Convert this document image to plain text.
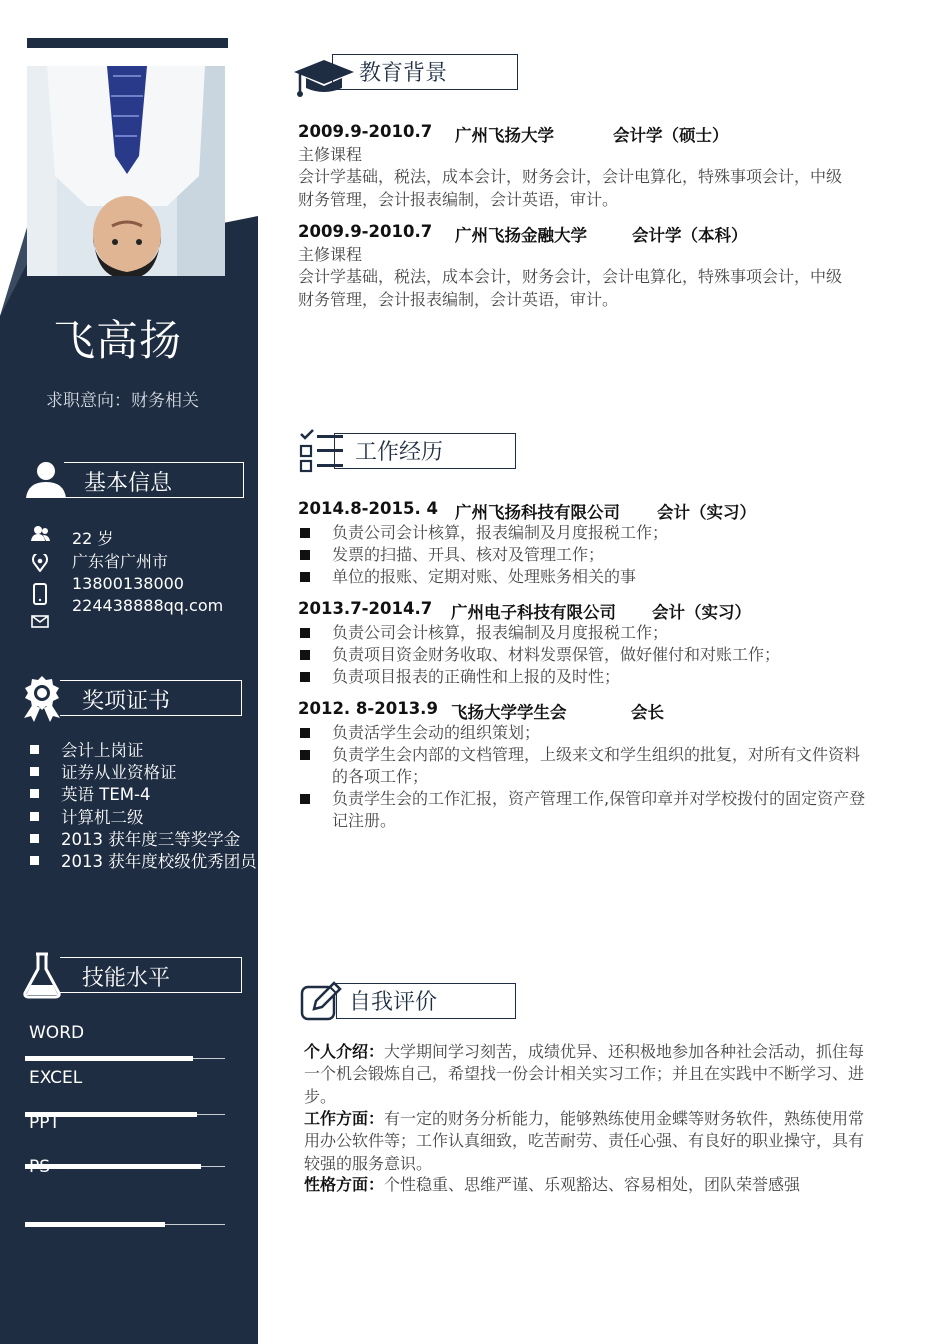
飞高扬
求职意向：财务相关
基本信息
22 岁
广东省广州市
13800138000
224438888qq.com
奖项证书
会计上岗证
证券从业资格证
英语 TEM-4
计算机二级
2013 获年度三等奖学金
2013 获年度校级优秀团员
技能水平
WORD
EXCEL
PPT
PS
教育背景
2009.9-2010.7 广州飞扬大学	会计学（硕士）
主修课程
会计学基础，税法，成本会计，财务会计，会计电算化，特殊事项会计，中级
财务管理，会计报表编制，会计英语，审计。
2009.9-2010.7 广州飞扬金融大学	会计学（本科）
主修课程
会计学基础，税法，成本会计，财务会计，会计电算化，特殊事项会计，中级
财务管理，会计报表编制，会计英语，审计。
工作经历
2014.8-2015. 4 广州飞扬科技有限公司 会计（实习）
负责公司会计核算，报表编制及月度报税工作；
发票的扫描、开具、核对及管理工作；
单位的报账、定期对账、处理账务相关的事
2013.7-2014.7 广州电子科技有限公司 会计（实习）
负责公司会计核算，报表编制及月度报税工作；
负责项目资金财务收取、材料发票保管，做好催付和对账工作；
负责项目报表的正确性和上报的及时性；
2012. 8-2013.9 飞扬大学学生会	会长
负责活学生会动的组织策划；
负责学生会内部的文档管理，上级来文和学生组织的批复，对所有文件资料的各项工作；
负责学生会的工作汇报，资产管理工作,保管印章并对学校拨付的固定资产登记注册。
自我评价
个人介绍：大学期间学习刻苦，成绩优异、还积极地参加各种社会活动，抓住每一个机会锻炼自己，希望找一份会计相关实习工作；并且在实践中不断学习、进步。
工作方面：有一定的财务分析能力，能够熟练使用金蝶等财务软件，熟练使用常用办公软件等；工作认真细致，吃苦耐劳、责任心强、有良好的职业操守，具有较强的服务意识。
性格方面：个性稳重、思维严谨、乐观豁达、容易相处，团队荣誉感强
